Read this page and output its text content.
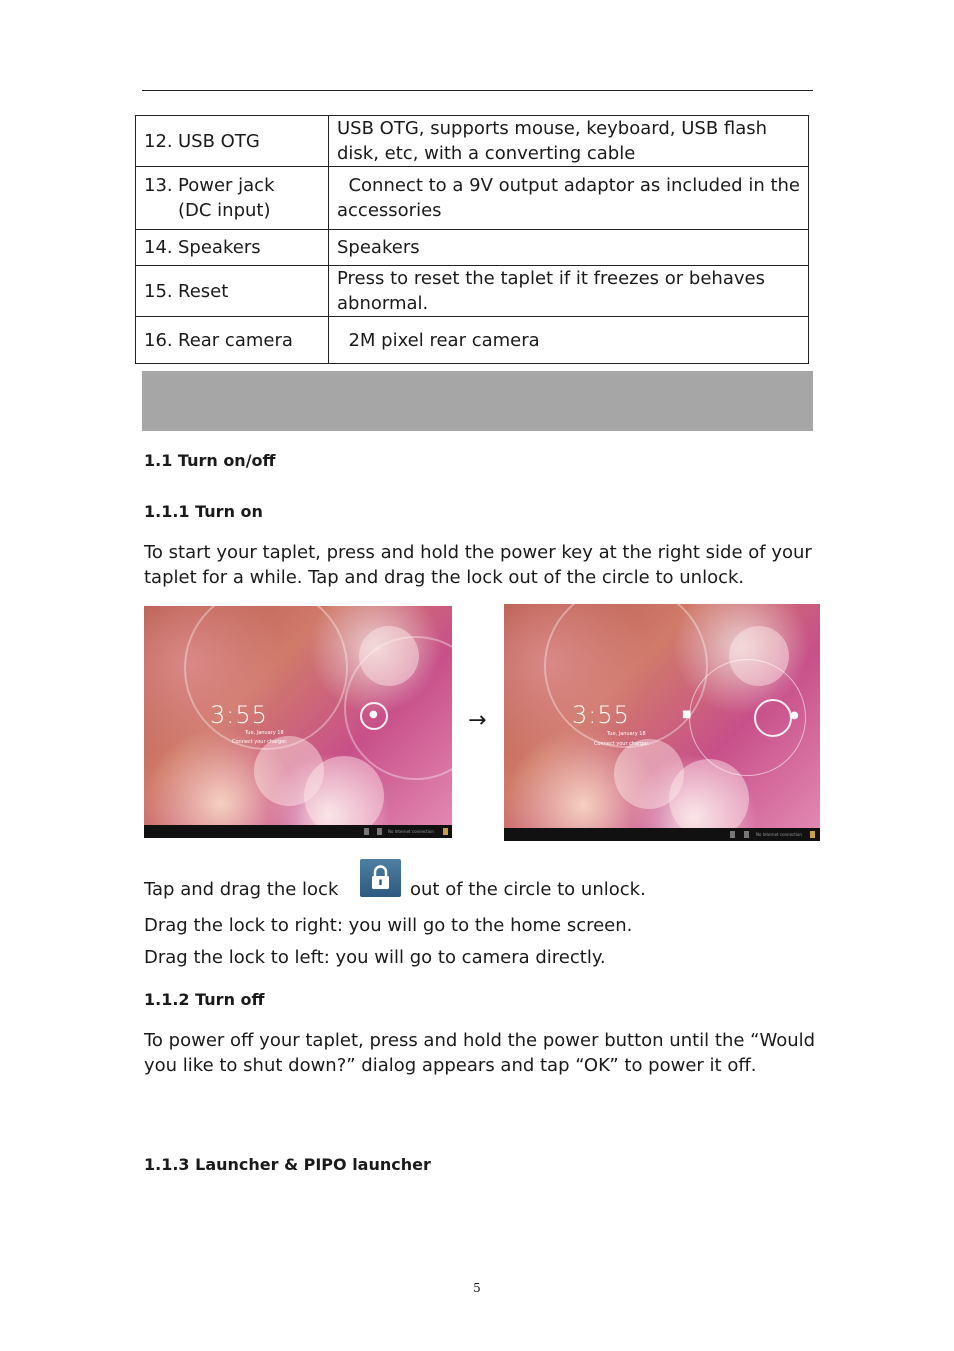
12. USB OTG	USB OTG, supports mouse, keyboard, USB flash disk, etc, with a converting cable
13. Power jack
(DC input)	Connect to a 9V output adaptor as included in the accessories
14. Speakers	Speakers
15. Reset	Press to reset the taplet if it freezes or behaves abnormal.
16. Rear camera	2M pixel rear camera
1.1 Turn on/off
1.1.1 Turn on
To start your taplet, press and hold the power key at the right side of your taplet for a while. Tap and drag the lock out of the circle to unlock.
3:55
Tue, January 18
Connect your charger.
●
No Internet connection
→	3:55
Tue, January 18
Connect your charger.
■	●
No Internet connection
Tap and drag the lock	out of the circle to unlock.
Drag the lock to right: you will go to the home screen.
Drag the lock to left: you will go to camera directly.
1.1.2 Turn off
To power off your taplet, press and hold the power button until the “Would you like to shut down?” dialog appears and tap “OK” to power it off.
1.1.3 Launcher & PIPO launcher
5
